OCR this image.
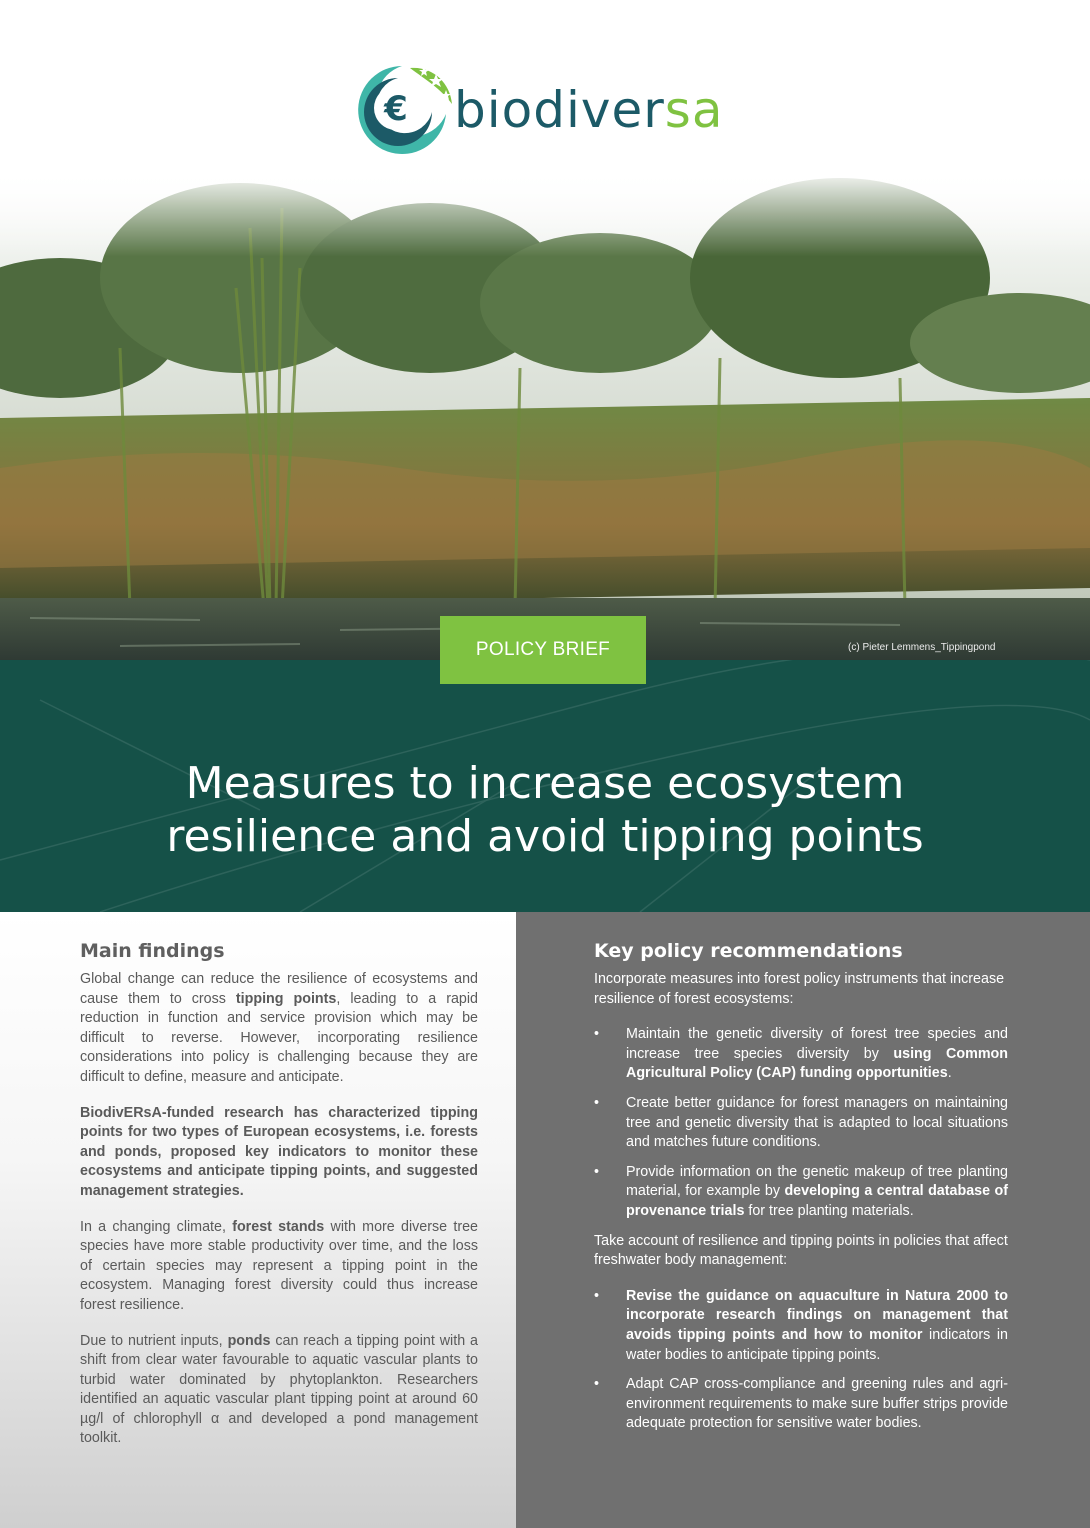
€ biodiversa
(c) Pieter Lemmens_Tippingpond
POLICY BRIEF
Measures to increase ecosystem
resilience and avoid tipping points
Main findings

Global change can reduce the resilience of ecosystems and cause them to cross tipping points, leading to a rapid reduction in function and service provision which may be difficult to reverse. However, incorporating resilience considerations into policy is challenging because they are difficult to define, measure and anticipate.

BiodivERsA-funded research has characterized tipping points for two types of European ecosystems, i.e. forests and ponds, proposed key indicators to monitor these ecosystems and anticipate tipping points, and suggested management strategies.

In a changing climate, forest stands with more diverse tree species have more stable productivity over time, and the loss of certain species may represent a tipping point in the ecosystem. Managing forest diversity could thus increase forest resilience.

Due to nutrient inputs, ponds can reach a tipping point with a shift from clear water favourable to aquatic vascular plants to turbid water dominated by phytoplankton. Researchers identified an aquatic vascular plant tipping point at around 60 µg/l of chlorophyll α and developed a pond management toolkit.

Key policy recommendations

Incorporate measures into forest policy instruments that increase resilience of forest ecosystems:

• Maintain the genetic diversity of forest tree species and increase tree species diversity by using Common Agricultural Policy (CAP) funding opportunities.
• Create better guidance for forest managers on maintaining tree and genetic diversity that is adapted to local situations and matches future conditions.
• Provide information on the genetic makeup of tree planting material, for example by developing a central database of provenance trials for tree planting materials.

Take account of resilience and tipping points in policies that affect freshwater body management:

• Revise the guidance on aquaculture in Natura 2000 to incorporate research findings on management that avoids tipping points and how to monitor indicators in water bodies to anticipate tipping points.
• Adapt CAP cross-compliance and greening rules and agri-environment requirements to make sure buffer strips provide adequate protection for sensitive water bodies.
